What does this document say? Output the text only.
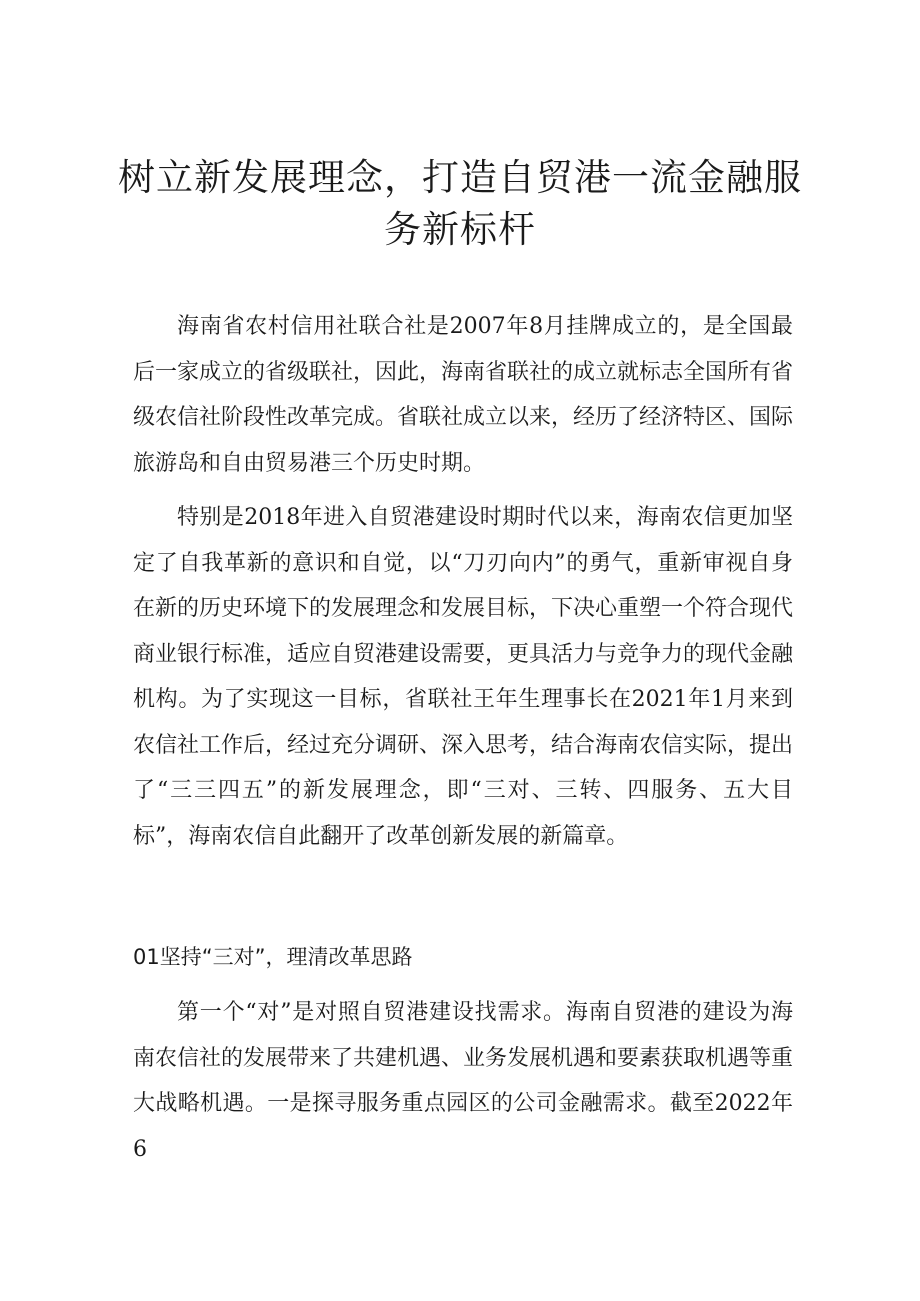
树立新发展理念，打造自贸港一流金融服务新标杆

海南省农村信用社联合社是2007年8月挂牌成立的，是全国最后一家成立的省级联社，因此，海南省联社的成立就标志全国所有省级农信社阶段性改革完成。省联社成立以来，经历了经济特区、国际旅游岛和自由贸易港三个历史时期。

特别是2018年进入自贸港建设时期时代以来，海南农信更加坚定了自我革新的意识和自觉，以“刀刃向内”的勇气，重新审视自身在新的历史环境下的发展理念和发展目标，下决心重塑一个符合现代商业银行标准，适应自贸港建设需要，更具活力与竞争力的现代金融机构。为了实现这一目标，省联社王年生理事长在2021年1月来到农信社工作后，经过充分调研、深入思考，结合海南农信实际，提出了“三三四五”的新发展理念，即“三对、三转、四服务、五大目标”，海南农信自此翻开了改革创新发展的新篇章。

01坚持“三对”，理清改革思路

第一个“对”是对照自贸港建设找需求。海南自贸港的建设为海南农信社的发展带来了共建机遇、业务发展机遇和要素获取机遇等重大战略机遇。一是探寻服务重点园区的公司金融需求。截至2022年6
